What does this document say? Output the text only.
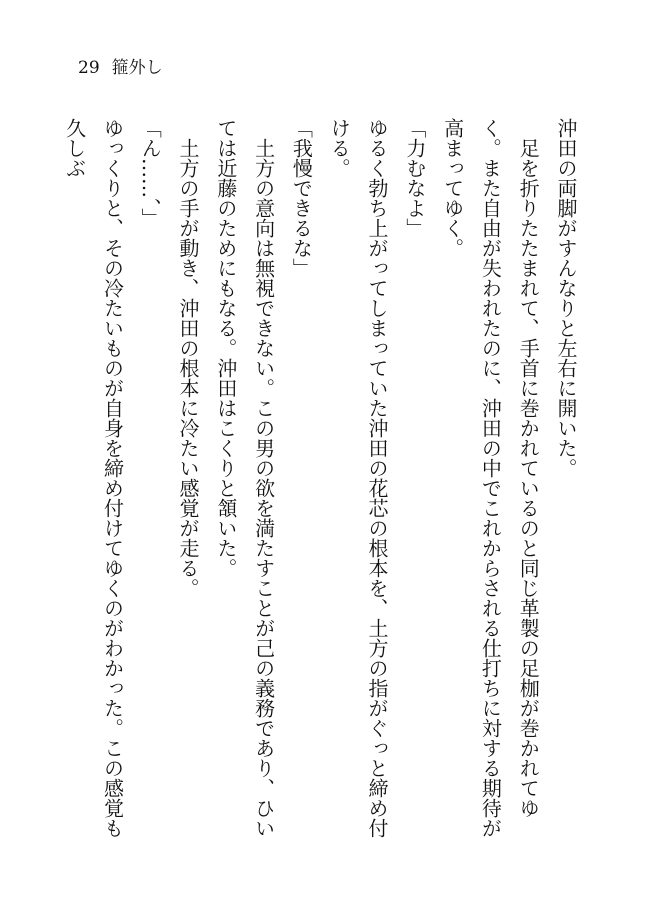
29 箍外し

沖田の両脚がすんなりと左右に開いた。

足を折りたたまれて、手首に巻かれているのと同じ革製の足枷が巻かれてゆく。また自由が失われたのに、沖田の中でこれからされる仕打ちに対する期待が高まってゆく。

「力むなよ」

ゆるく勃ち上がってしまっていた沖田の花芯の根本を、土方の指がぐっと締め付ける。

「我慢できるな」

土方の意向は無視できない。この男の欲を満たすことが己の義務であり、ひいては近藤のためにもなる。沖田はこくりと頷いた。

土方の手が動き、沖田の根本に冷たい感覚が走る。

「ん……、」

ゆっくりと、その冷たいものが自身を締め付けてゆくのがわかった。この感覚も久しぶ
